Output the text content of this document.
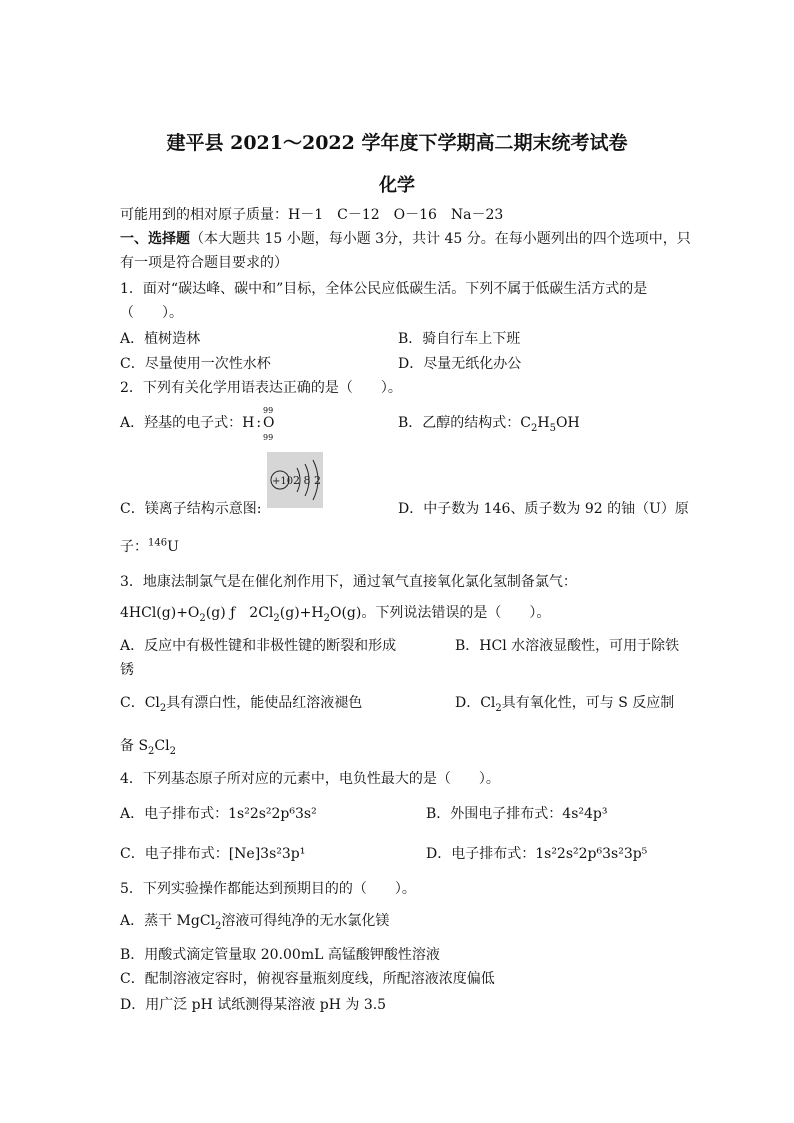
建平县 2021～2022 学年度下学期高二期末统考试卷
化学
可能用到的相对原子质量：H－1　C－12　O－16　Na－23
一、选择题（本大题共 15 小题，每小题 3分，共计 45 分。在每小题列出的四个选项中，只
有一项是符合题目要求的）
1．面对“碳达峰、碳中和”目标，全体公民应低碳生活。下列不属于低碳生活方式的是
（　　）。
A．植树造林	B．骑自行车上下班
C．尽量使用一次性水杯	D．尽量无纸化办公
2．下列有关化学用语表达正确的是（　　）。
A．羟基的电子式：H :
99
O
99
B．乙醇的结构式：$C_2H_5OH$
+10 2 8 2
C．镁离子结构示意图:	D．中子数为 146、质子数为 92 的铀（U）原
子：$^{146}$U
3．地康法制氯气是在催化剂作用下，通过氧气直接氧化氯化氢制备氯气：
$4HCl(g)+O_2(g)$ ƒ　$2Cl_2(g)+H_2O(g)$。下列说法错误的是（　　）。
A．反应中有极性键和非极性键的断裂和形成	B．HCl 水溶液显酸性，可用于除铁
锈
C．$Cl_2$具有漂白性，能使品红溶液褪色	D．$Cl_2$具有氧化性，可与 S 反应制
备 $S_2Cl_2$
4．下列基态原子所对应的元素中，电负性最大的是（　　）。
A．电子排布式：1s²2s²2p⁶3s²	B．外围电子排布式：4s²4p³
C．电子排布式：[Ne]3s²3p¹	D．电子排布式：1s²2s²2p⁶3s²3p⁵
5．下列实验操作都能达到预期目的的（　　）。
A．蒸干 MgCl$_2$溶液可得纯净的无水氯化镁
B．用酸式滴定管量取 20.00mL 高锰酸钾酸性溶液
C．配制溶液定容时，俯视容量瓶刻度线，所配溶液浓度偏低
D．用广泛 pH 试纸测得某溶液 pH 为 3.5
